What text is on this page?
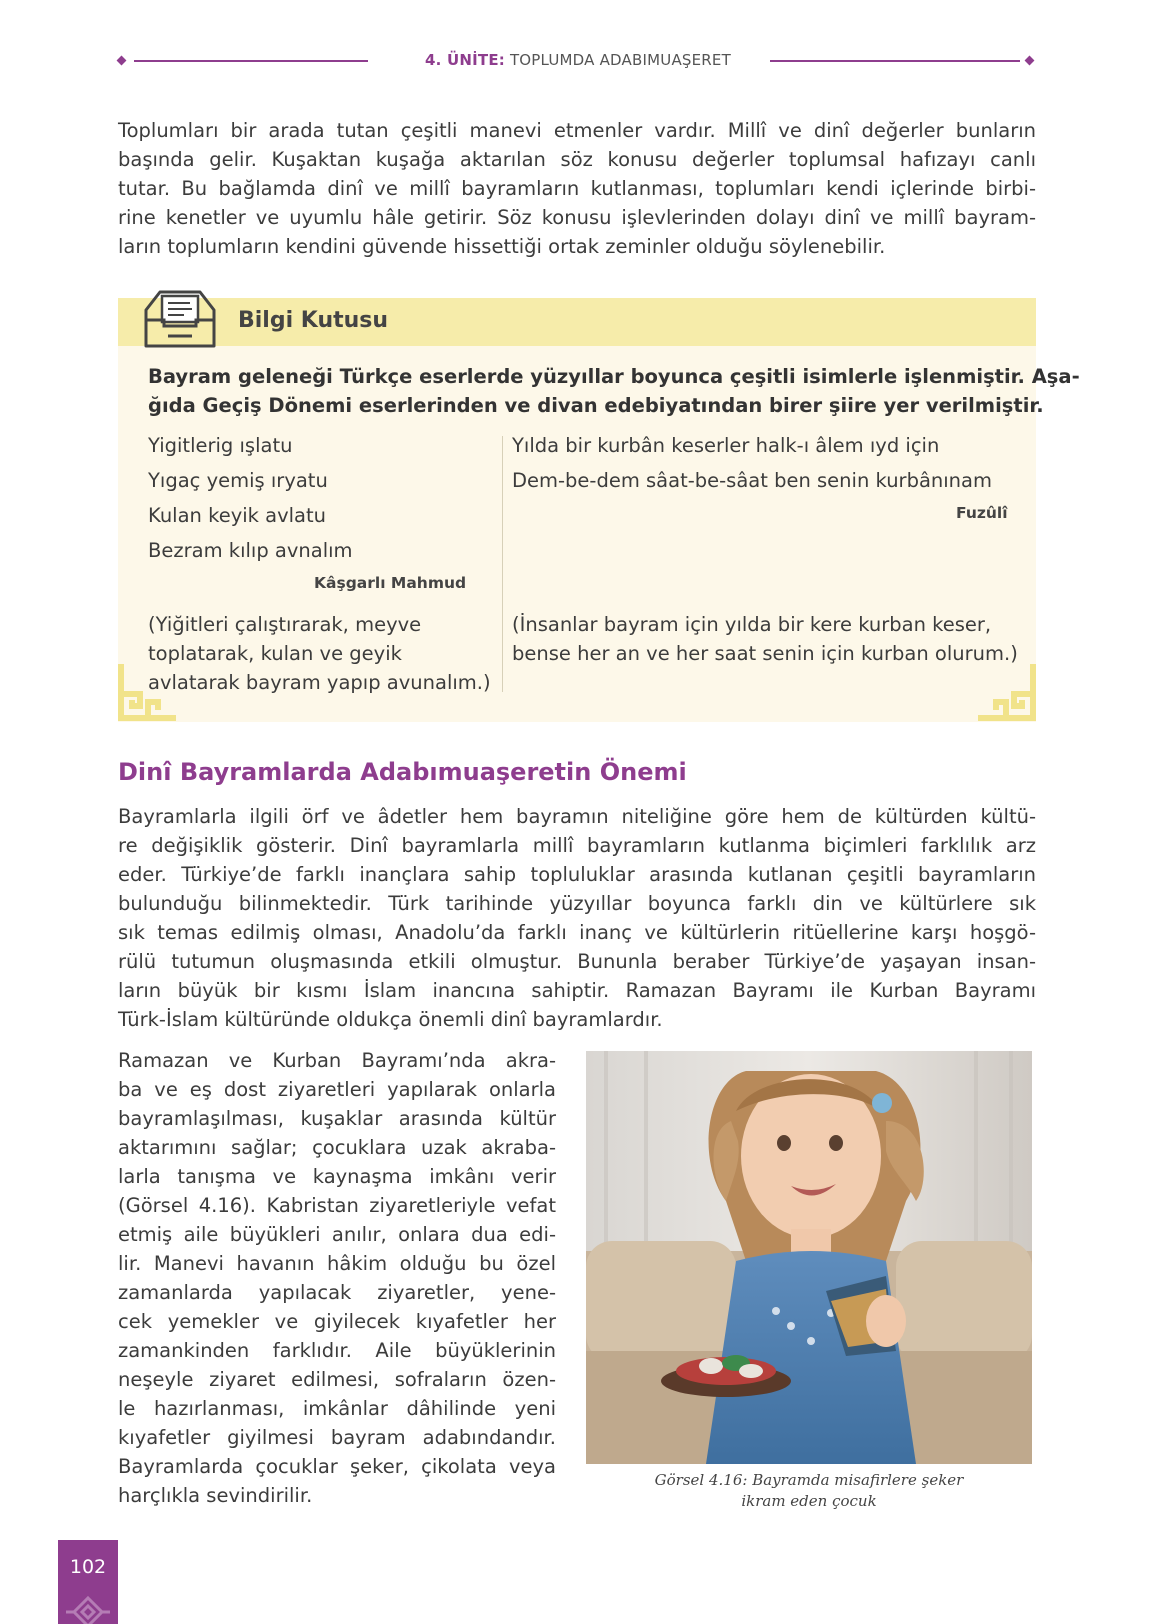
4. ÜNİTE: TOPLUMDA ADABIMUAŞERET
Toplumları bir arada tutan çeşitli manevi etmenler vardır. Millî ve dinî değerler bunların
başında gelir. Kuşaktan kuşağa aktarılan söz konusu değerler toplumsal hafızayı canlı
tutar. Bu bağlamda dinî ve millî bayramların kutlanması, toplumları kendi içlerinde birbi-
rine kenetler ve uyumlu hâle getirir. Söz konusu işlevlerinden dolayı dinî ve millî bayram-
ların toplumların kendini güvende hissettiği ortak zeminler olduğu söylenebilir.
Bilgi Kutusu
Bayram geleneği Türkçe eserlerde yüzyıllar boyunca çeşitli isimlerle işlenmiştir. Aşa-
ğıda Geçiş Dönemi eserlerinden ve divan edebiyatından birer şiire yer verilmiştir.
Yigitlerig ışlatu
Yıgaç yemiş ıryatu
Kulan keyik avlatu
Bezram kılıp avnalım
Kâşgarlı Mahmud
(Yiğitleri çalıştırarak, meyve
toplatarak, kulan ve geyik
avlatarak bayram yapıp avunalım.)
Yılda bir kurbân keserler halk-ı âlem ıyd için
Dem-be-dem sâat-be-sâat ben senin kurbânınam
Fuzûlî
(İnsanlar bayram için yılda bir kere kurban keser,
bense her an ve her saat senin için kurban olurum.)
Dinî Bayramlarda Adabımuaşeretin Önemi
Bayramlarla ilgili örf ve âdetler hem bayramın niteliğine göre hem de kültürden kültü-
re değişiklik gösterir. Dinî bayramlarla millî bayramların kutlanma biçimleri farklılık arz
eder. Türkiye’de farklı inançlara sahip topluluklar arasında kutlanan çeşitli bayramların
bulunduğu bilinmektedir. Türk tarihinde yüzyıllar boyunca farklı din ve kültürlere sık
sık temas edilmiş olması, Anadolu’da farklı inanç ve kültürlerin ritüellerine karşı hoşgö-
rülü tutumun oluşmasında etkili olmuştur. Bununla beraber Türkiye’de yaşayan insan-
ların büyük bir kısmı İslam inancına sahiptir. Ramazan Bayramı ile Kurban Bayramı
Türk-İslam kültüründe oldukça önemli dinî bayramlardır.
Ramazan ve Kurban Bayramı’nda akra-
ba ve eş dost ziyaretleri yapılarak onlarla
bayramlaşılması, kuşaklar arasında kültür
aktarımını sağlar; çocuklara uzak akraba-
larla tanışma ve kaynaşma imkânı verir
(Görsel 4.16). Kabristan ziyaretleriyle vefat
etmiş aile büyükleri anılır, onlara dua edi-
lir. Manevi havanın hâkim olduğu bu özel
zamanlarda yapılacak ziyaretler, yene-
cek yemekler ve giyilecek kıyafetler her
zamankinden farklıdır. Aile büyüklerinin
neşeyle ziyaret edilmesi, sofraların özen-
le hazırlanması, imkânlar dâhilinde yeni
kıyafetler giyilmesi bayram adabındandır.
Bayramlarda çocuklar şeker, çikolata veya
harçlıkla sevindirilir.
Görsel 4.16: Bayramda misafirlere şeker
ikram eden çocuk
102
